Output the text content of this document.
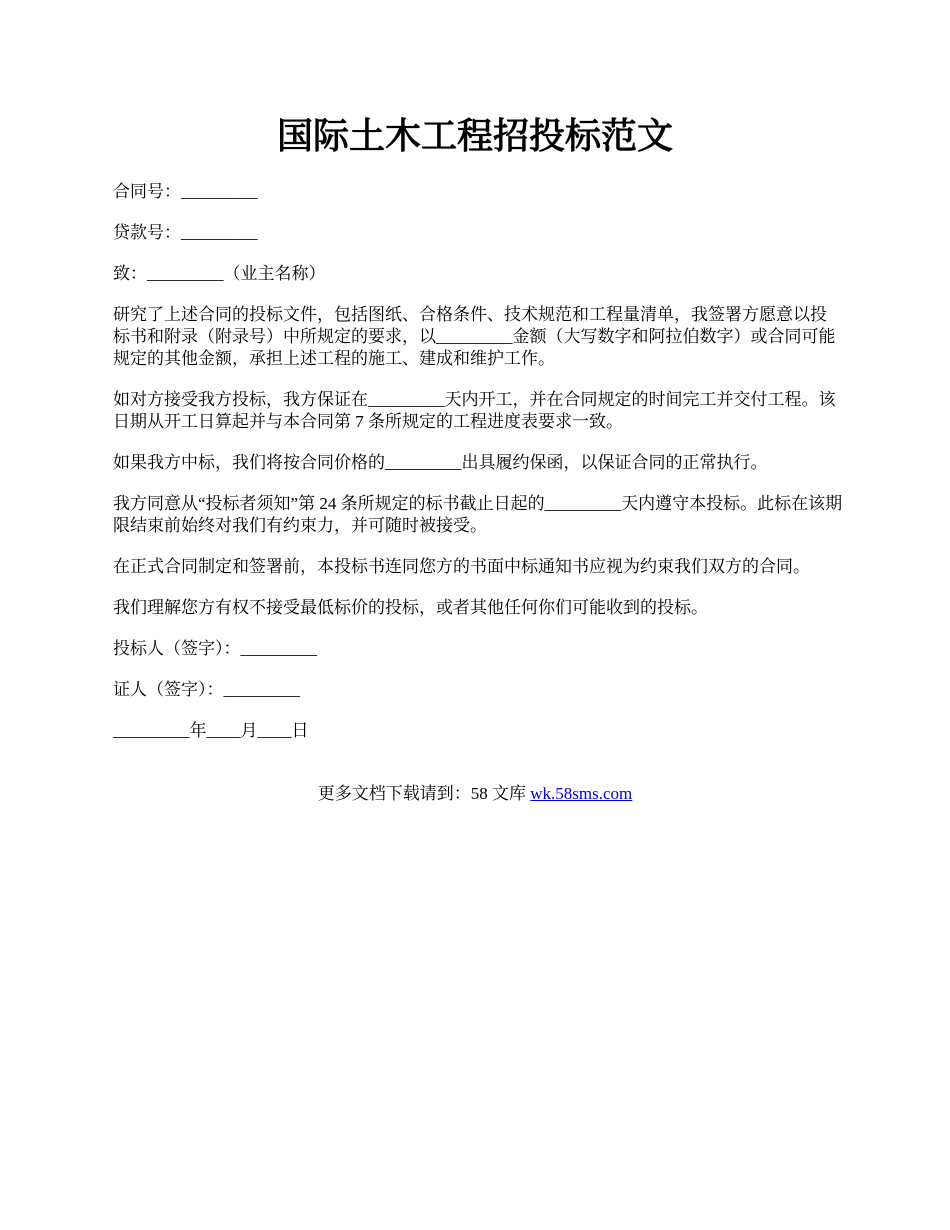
国际土木工程招投标范文

合同号：_________

贷款号：_________

致：_________（业主名称）

研究了上述合同的投标文件，包括图纸、合格条件、技术规范和工程量清单，我签署方愿意以投标书和附录（附录号）中所规定的要求，以_________金额（大写数字和阿拉伯数字）或合同可能规定的其他金额，承担上述工程的施工、建成和维护工作。

如对方接受我方投标，我方保证在_________天内开工，并在合同规定的时间完工并交付工程。该日期从开工日算起并与本合同第 7 条所规定的工程进度表要求一致。

如果我方中标，我们将按合同价格的_________出具履约保函，以保证合同的正常执行。

我方同意从“投标者须知”第 24 条所规定的标书截止日起的_________天内遵守本投标。此标在该期限结束前始终对我们有约束力，并可随时被接受。

在正式合同制定和签署前，本投标书连同您方的书面中标通知书应视为约束我们双方的合同。

我们理解您方有权不接受最低标价的投标，或者其他任何你们可能收到的投标。

投标人（签字）：_________

证人（签字）：_________

_________年____月____日

更多文档下载请到：58 文库 wk.58sms.com
